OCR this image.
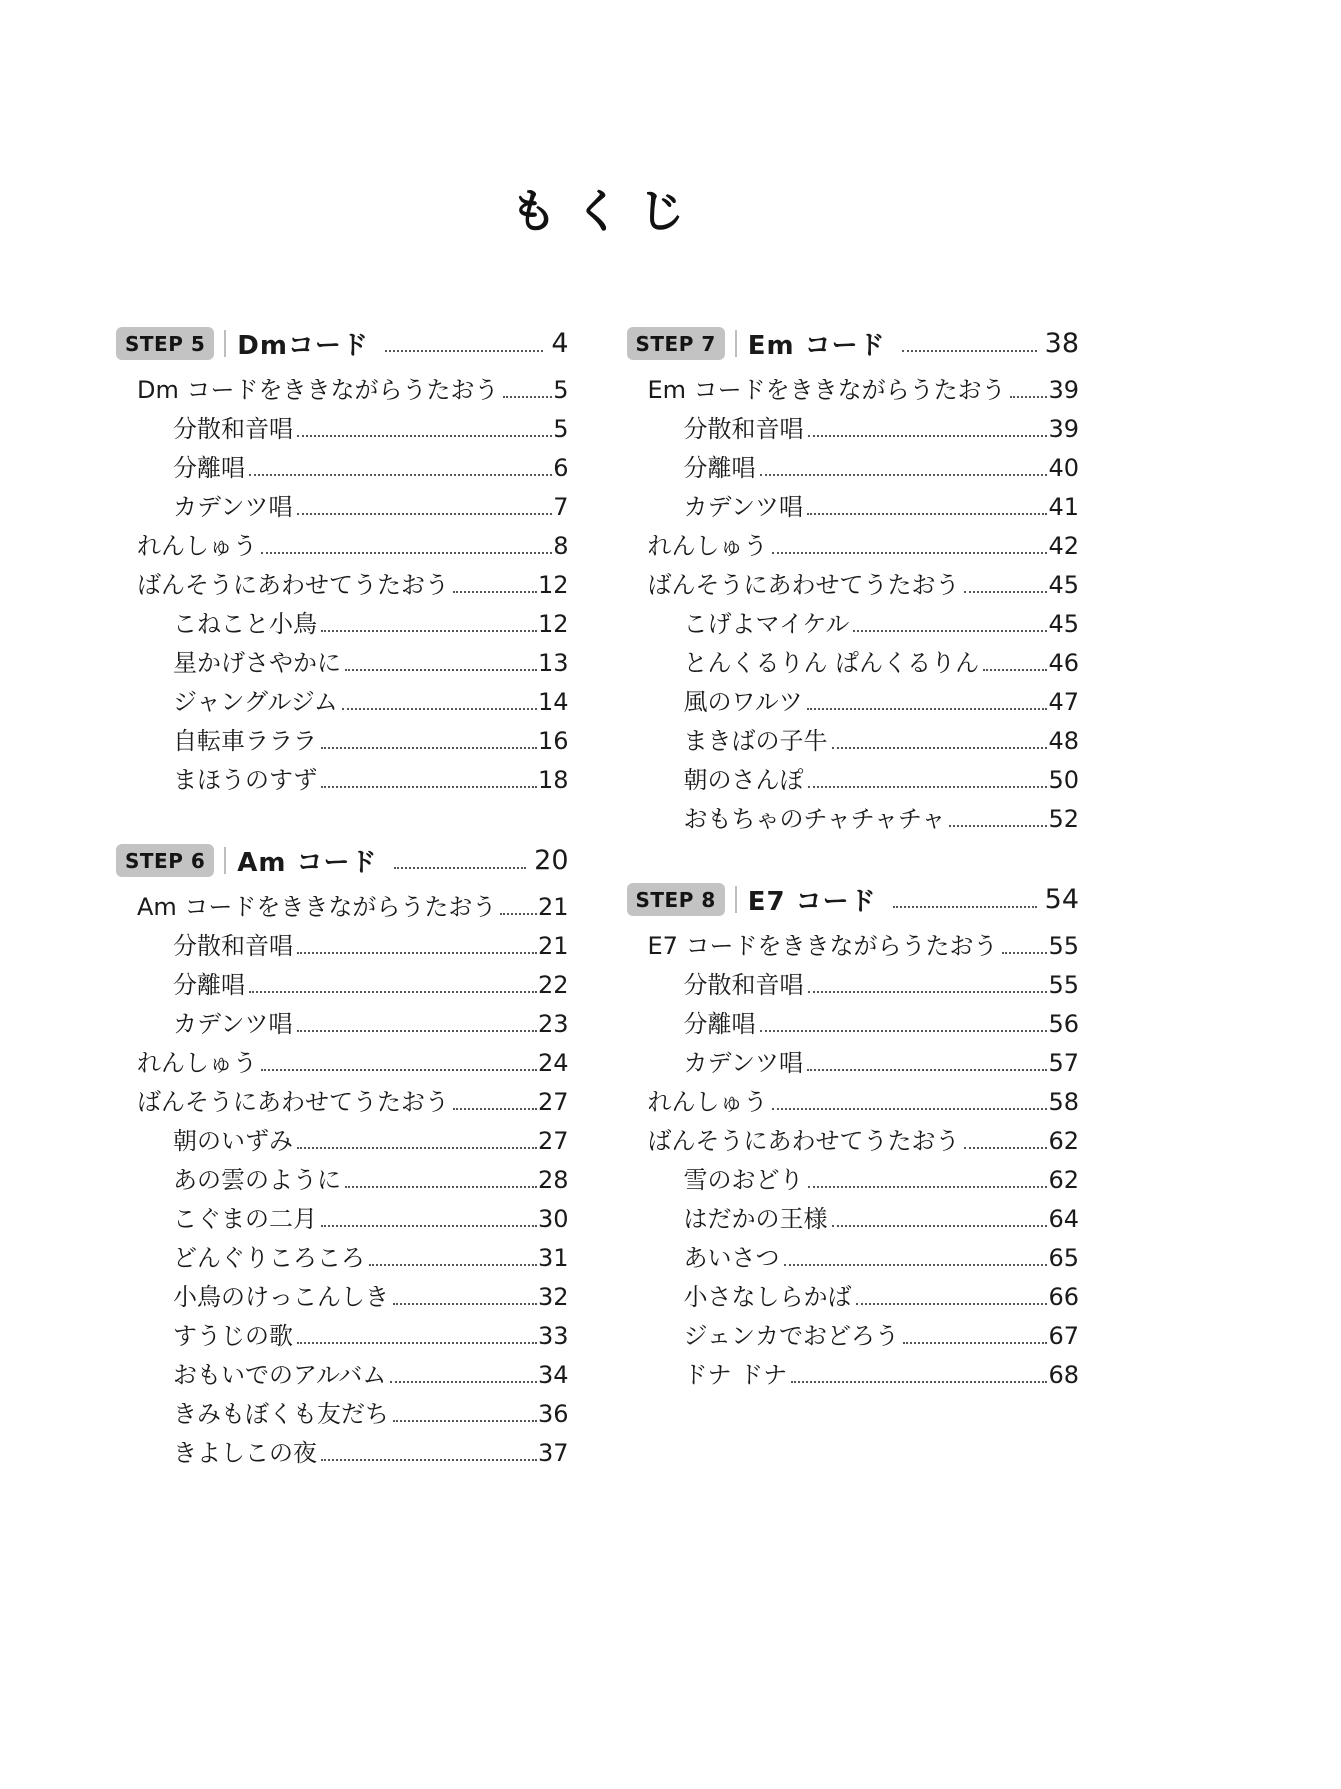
もくじ
STEP 5	Dmコード	4
Dm コードをききながらうたおう 5
分散和音唱	5
分離唱	6
カデンツ唱	7
れんしゅう	8
ばんそうにあわせてうたおう	12
こねこと小鳥	12
星かげさやかに	13
ジャングルジム	14
自転車ラララ	16
まほうのすず	18
STEP 6	Am コード	20
Am コードをききながらうたおう 21
分散和音唱	21
分離唱	22
カデンツ唱	23
れんしゅう	24
ばんそうにあわせてうたおう	27
朝のいずみ	27
あの雲のように	28
こぐまの二月	30
どんぐりころころ	31
小鳥のけっこんしき	32
すうじの歌	33
おもいでのアルバム	34
きみもぼくも友だち	36
きよしこの夜	37
STEP 7	Em コード	38
Em コードをききながらうたおう 39
分散和音唱	39
分離唱	40
カデンツ唱	41
れんしゅう	42
ばんそうにあわせてうたおう	45
こげよマイケル	45
とんくるりん ぱんくるりん	46
風のワルツ	47
まきばの子牛	48
朝のさんぽ	50
おもちゃのチャチャチャ	52
STEP 8	E7 コード	54
E7 コードをききながらうたおう 55
分散和音唱	55
分離唱	56
カデンツ唱	57
れんしゅう	58
ばんそうにあわせてうたおう	62
雪のおどり	62
はだかの王様	64
あいさつ	65
小さなしらかば	66
ジェンカでおどろう	67
ドナ ドナ	68
